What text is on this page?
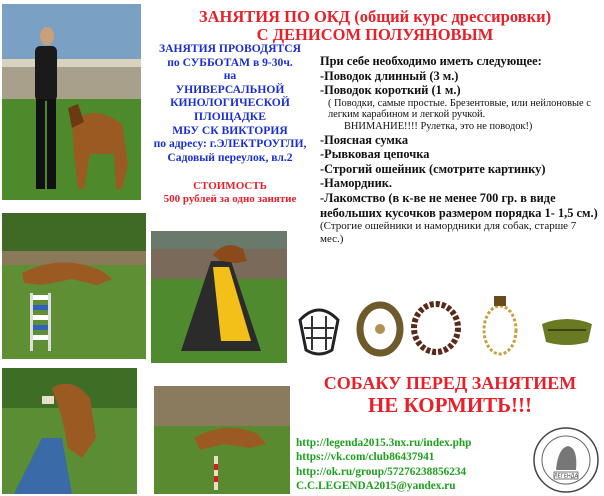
ЗАНЯТИЯ ПО ОКД (общий курс дрессировки)
С ДЕНИСОМ ПОЛУЯНОВЫМ
ЗАНЯТИЯ ПРОВОДЯТСЯ
по СУББОТАМ в 9-30ч.
на
УНИВЕРСАЛЬНОЙ
КИНОЛОГИЧЕСКОЙ
ПЛОЩАДКЕ
МБУ СК ВИКТОРИЯ
по адресу: г.ЭЛЕКТРОУГЛИ,
Садовый переулок, вл.2
СТОИМОСТЬ
500 рублей за одно занятие
При себе необходимо иметь следующее:
-Поводок длинный (3 м.)
-Поводок короткий (1 м.)
( Поводки, самые простые. Брезентовые, или нейлоновые с легким карабином и легкой ручкой.
ВНИМАНИЕ!!!! Рулетка, это не поводок!)
-Поясная сумка
-Рывковая цепочка
-Строгий ошейник (смотрите картинку)
-Намордник.
-Лакомство (в к-ве не менее 700 гр. в виде небольших кусочков размером порядка 1- 1,5 см.)
(Строгие ошейники и намордники для собак, старше 7 мес.)
СОБАКУ ПЕРЕД ЗАНЯТИЕМ
НЕ КОРМИТЬ!!!
http://legenda2015.3nx.ru/index.php
https://vk.com/club86437941
http://ok.ru/group/57276238856234
C.C.LEGENDA2015@yandex.ru
ЛЕГЕНДА
